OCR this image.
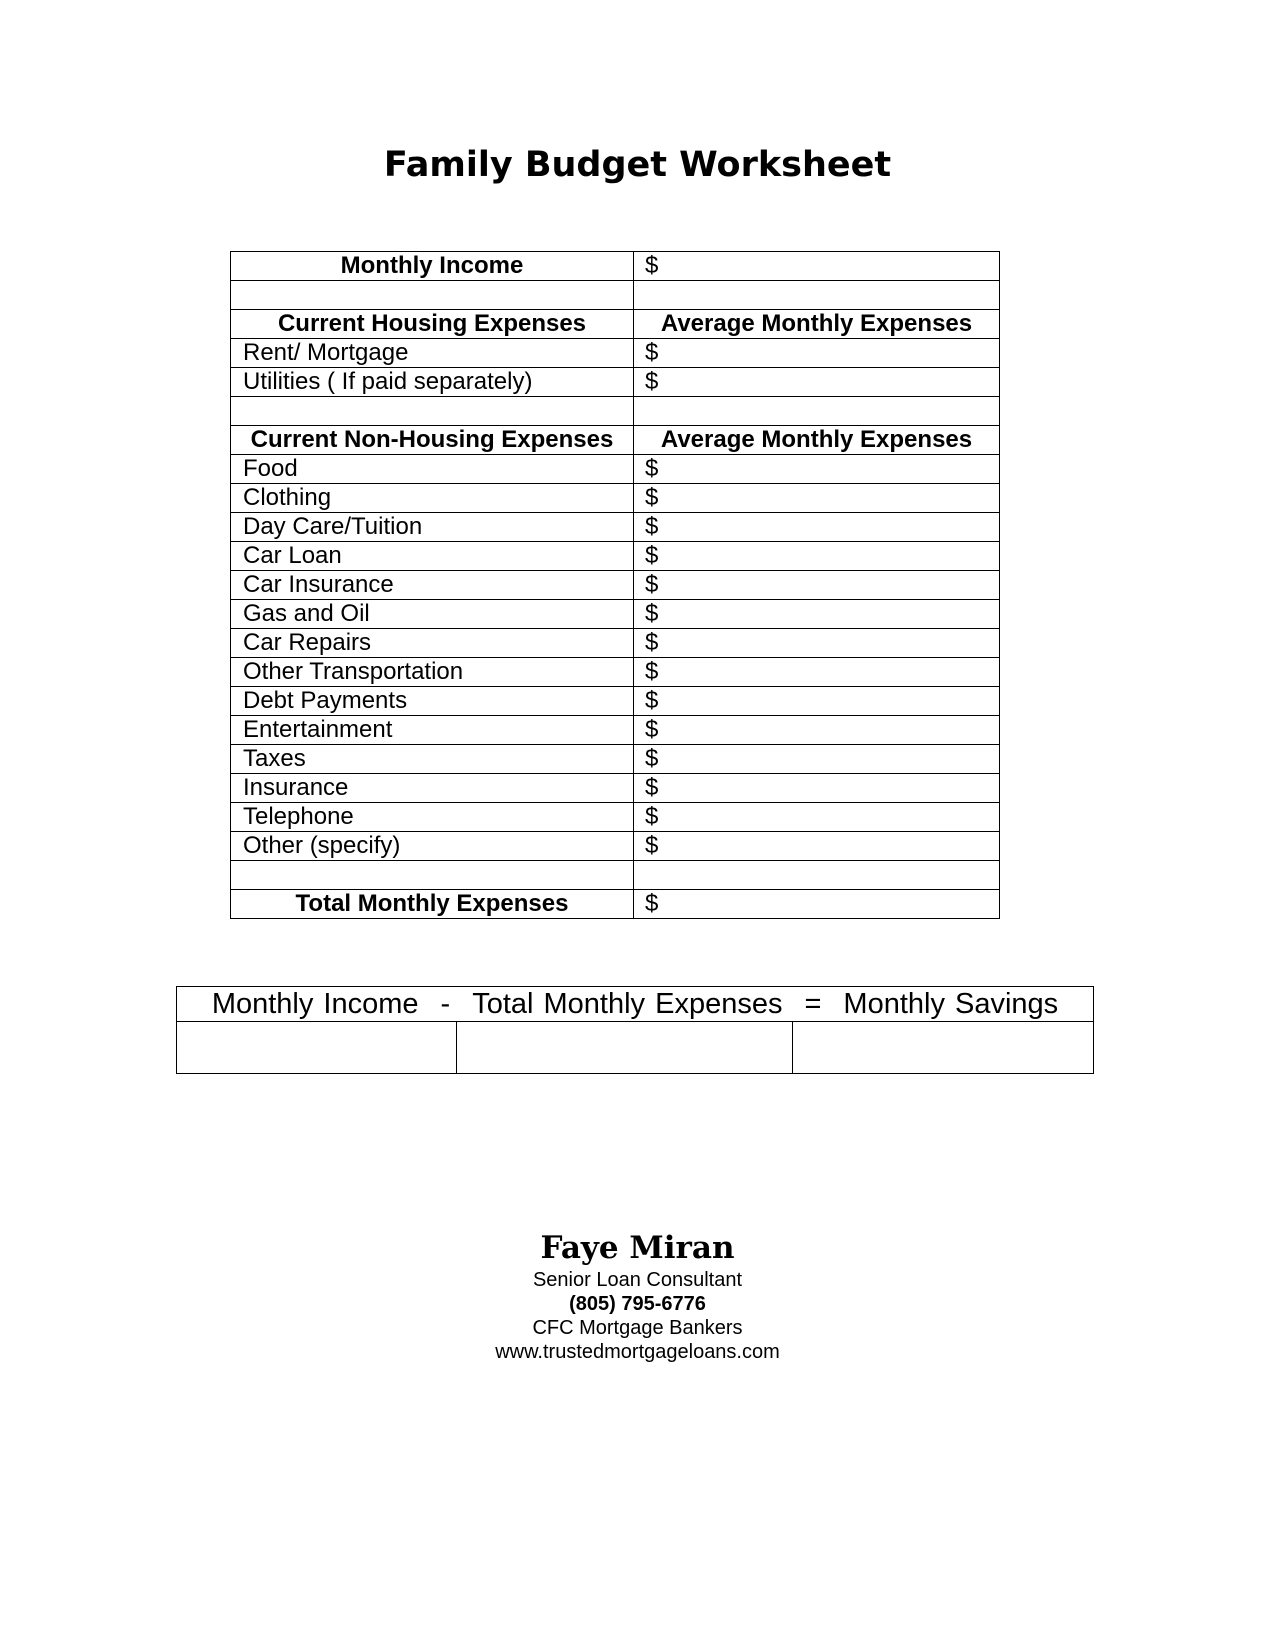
Family Budget Worksheet
Monthly Income	$

Current Housing Expenses	Average Monthly Expenses
Rent/ Mortgage	$
Utilities ( If paid separately)	$

Current Non-Housing Expenses	Average Monthly Expenses
Food	$
Clothing	$
Day Care/Tuition	$
Car Loan	$
Car Insurance	$
Gas and Oil	$
Car Repairs	$
Other Transportation	$
Debt Payments	$
Entertainment	$
Taxes	$
Insurance	$
Telephone	$
Other (specify)	$

Total Monthly Expenses	$
Monthly Income - Total Monthly Expenses = Monthly Savings

Faye Miran
Senior Loan Consultant
(805) 795-6776
CFC Mortgage Bankers
www.trustedmortgageloans.com
